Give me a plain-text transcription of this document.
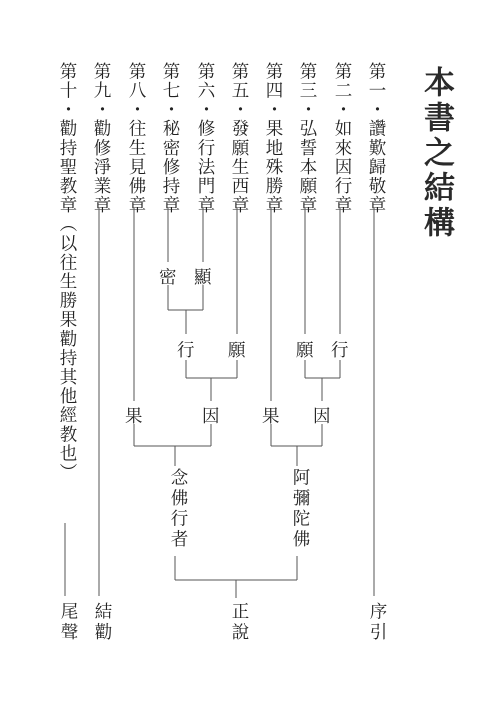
本書之結構
第一・讚歎歸敬章
第二・如來因行章
第三・弘誓本願章
第四・果地殊勝章
第五・發願生西章
第六・修行法門章
第七・秘密修持章
第八・往生見佛章
第九・勸修淨業章
第十・勸持聖教章（以往生勝果勸持其他經教也）	顯
密
行 願	願 行
果	因 果 因
念佛行者	阿彌陀佛
正說	序引
結勸
尾聲
